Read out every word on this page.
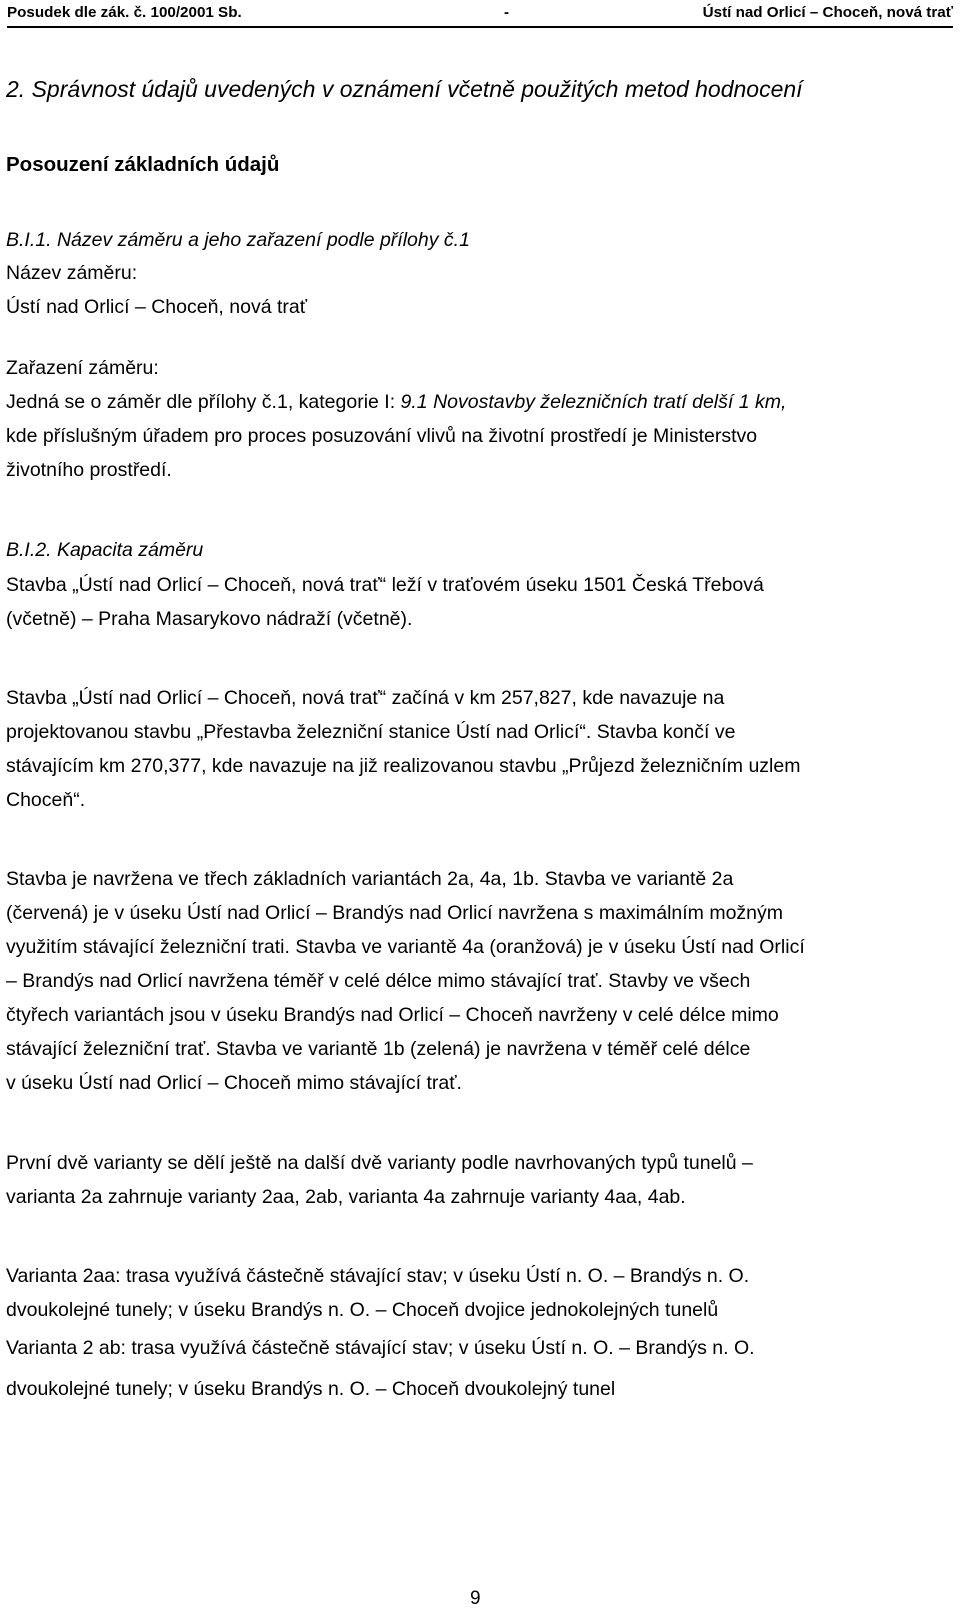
Posudek dle zák. č. 100/2001 Sb.	-	Ústí nad Orlicí – Choceň, nová trať
2. Správnost údajů uvedených v oznámení včetně použitých metod hodnocení
Posouzení základních údajů
B.I.1. Název záměru a jeho zařazení podle přílohy č.1
Název záměru:
Ústí nad Orlicí – Choceň, nová trať
Zařazení záměru:
Jedná se o záměr dle přílohy č.1, kategorie I: 9.1 Novostavby železničních tratí delší 1 km,
kde příslušným úřadem pro proces posuzování vlivů na životní prostředí je Ministerstvo
životního prostředí.
B.I.2. Kapacita záměru
Stavba „Ústí nad Orlicí – Choceň, nová trať“ leží v traťovém úseku 1501 Česká Třebová
(včetně) – Praha Masarykovo nádraží (včetně).
Stavba „Ústí nad Orlicí – Choceň, nová trať“ začíná v km 257,827, kde navazuje na
projektovanou stavbu „Přestavba železniční stanice Ústí nad Orlicí“. Stavba končí ve
stávajícím km 270,377, kde navazuje na již realizovanou stavbu „Průjezd železničním uzlem
Choceň“.
Stavba je navržena ve třech základních variantách 2a, 4a, 1b. Stavba ve variantě 2a
(červená) je v úseku Ústí nad Orlicí – Brandýs nad Orlicí navržena s maximálním možným
využitím stávající železniční trati. Stavba ve variantě 4a (oranžová) je v úseku Ústí nad Orlicí
– Brandýs nad Orlicí navržena téměř v celé délce mimo stávající trať. Stavby ve všech
čtyřech variantách jsou v úseku Brandýs nad Orlicí – Choceň navrženy v celé délce mimo
stávající železniční trať. Stavba ve variantě 1b (zelená) je navržena v téměř celé délce
v úseku Ústí nad Orlicí – Choceň mimo stávající trať.
První dvě varianty se dělí ještě na další dvě varianty podle navrhovaných typů tunelů –
varianta 2a zahrnuje varianty 2aa, 2ab, varianta 4a zahrnuje varianty 4aa, 4ab.
Varianta 2aa: trasa využívá částečně stávající stav; v úseku Ústí n. O. – Brandýs n. O.
dvoukolejné tunely; v úseku Brandýs n. O. – Choceň dvojice jednokolejných tunelů
Varianta 2 ab: trasa využívá částečně stávající stav; v úseku Ústí n. O. – Brandýs n. O.
dvoukolejné tunely; v úseku Brandýs n. O. – Choceň dvoukolejný tunel
9
